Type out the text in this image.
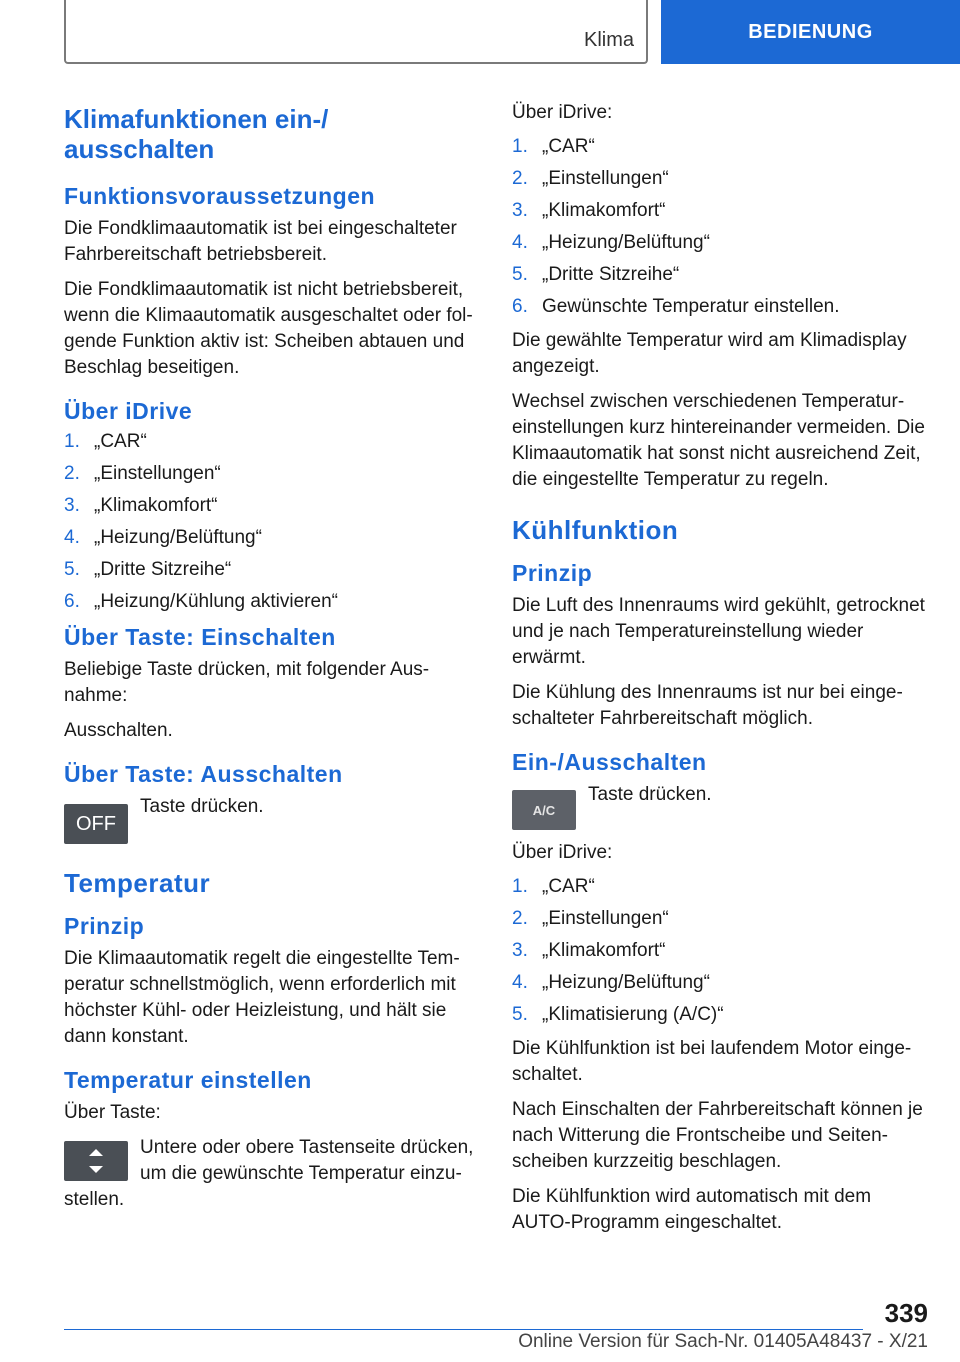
Klima	BEDIENUNG
Klimafunktionen ein-/ ausschalten
Funktionsvoraussetzungen

Die Fondklimaautomatik ist bei eingeschalteter Fahrbereitschaft betriebsbereit.

Die Fondklimaautomatik ist nicht betriebsbereit, wenn die Klimaautomatik ausgeschaltet oder folgende Funktion aktiv ist: Scheiben abtauen und Beschlag beseitigen.

Über iDrive
1. „CAR“
2. „Einstellungen“
3. „Klimakomfort“
4. „Heizung/Belüftung“
5. „Dritte Sitzreihe“
6. „Heizung/Kühlung aktivieren“
Über Taste: Einschalten

Beliebige Taste drücken, mit folgender Ausnahme:

Ausschalten.

Über Taste: Ausschalten
OFF
Taste drücken.
Temperatur
Prinzip

Die Klimaautomatik regelt die eingestellte Temperatur schnellstmöglich, wenn erforderlich mit höchster Kühl- oder Heizleistung, und hält sie dann konstant.

Temperatur einstellen

Über Taste:

Untere oder obere Tastenseite drücken, um die gewünschte Temperatur einzustellen.

Über iDrive:

1. „CAR“
2. „Einstellungen“
3. „Klimakomfort“
4. „Heizung/Belüftung“
5. „Dritte Sitzreihe“
6. Gewünschte Temperatur einstellen.

Die gewählte Temperatur wird am Klimadisplay angezeigt.

Wechsel zwischen verschiedenen Temperatureinstellungen kurz hintereinander vermeiden. Die Klimaautomatik hat sonst nicht ausreichend Zeit, die eingestellte Temperatur zu regeln.

Kühlfunktion
Prinzip

Die Luft des Innenraums wird gekühlt, getrocknet und je nach Temperatureinstellung wieder erwärmt.

Die Kühlung des Innenraums ist nur bei eingeschalteter Fahrbereitschaft möglich.

Ein-/Ausschalten
A/C
Taste drücken.

Über iDrive:

1. „CAR“
2. „Einstellungen“
3. „Klimakomfort“
4. „Heizung/Belüftung“
5. „Klimatisierung (A/C)“

Die Kühlfunktion ist bei laufendem Motor eingeschaltet.

Nach Einschalten der Fahrbereitschaft können je nach Witterung die Frontscheibe und Seitenscheiben kurzzeitig beschlagen.

Die Kühlfunktion wird automatisch mit dem AUTO-Programm eingeschaltet.

339
Online Version für Sach-Nr. 01405A48437 - X/21
